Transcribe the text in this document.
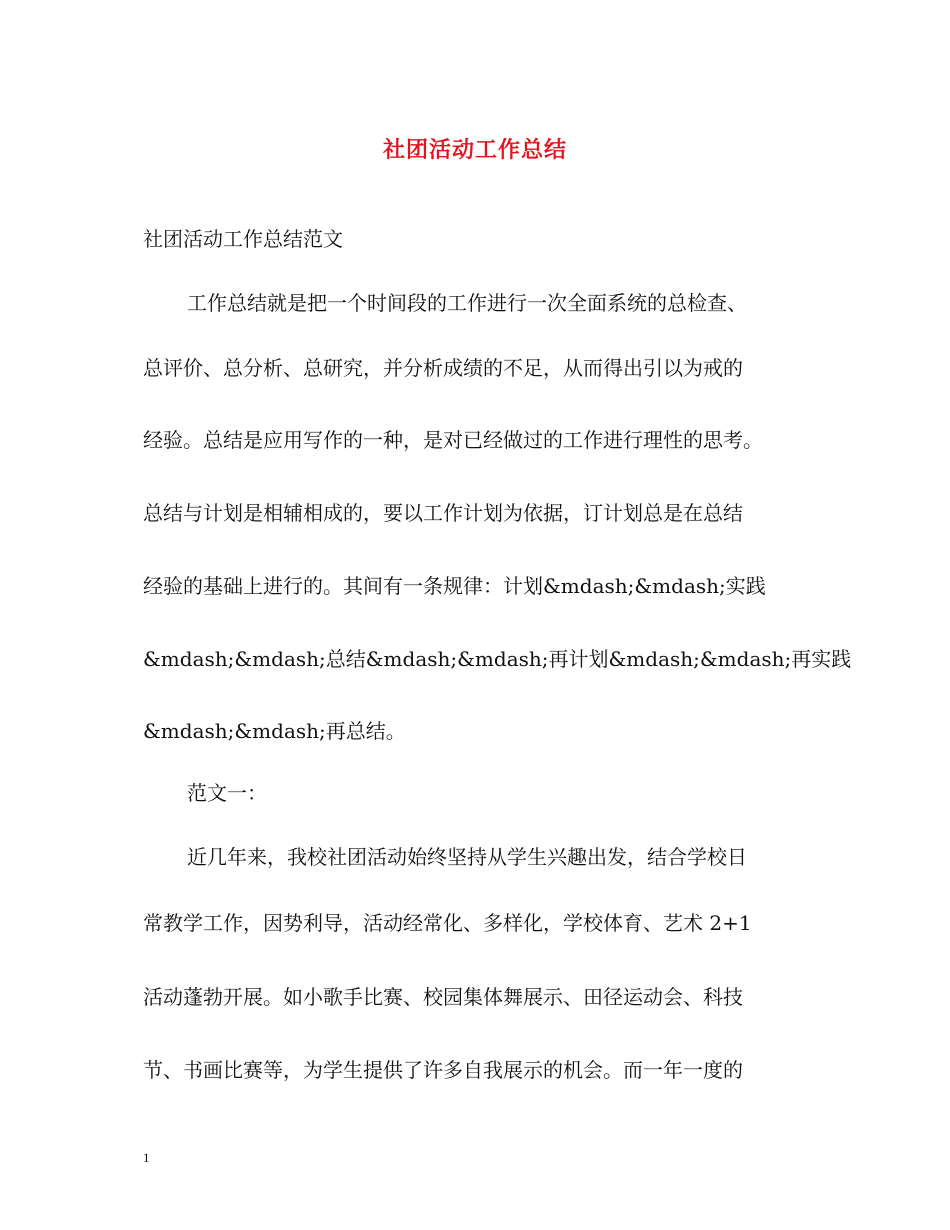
社团活动工作总结

社团活动工作总结范文

工作总结就是把一个时间段的工作进行一次全面系统的总检查、

总评价、总分析、总研究，并分析成绩的不足，从而得出引以为戒的

经验。总结是应用写作的一种，是对已经做过的工作进行理性的思考。

总结与计划是相辅相成的，要以工作计划为依据，订计划总是在总结

经验的基础上进行的。其间有一条规律：计划&mdash;&mdash;实践

&mdash;&mdash;总结&mdash;&mdash;再计划&mdash;&mdash;再实践

&mdash;&mdash;再总结。

范文一：

近几年来，我校社团活动始终坚持从学生兴趣出发，结合学校日

常教学工作，因势利导，活动经常化、多样化，学校体育、艺术 2+1

活动蓬勃开展。如小歌手比赛、校园集体舞展示、田径运动会、科技

节、书画比赛等，为学生提供了许多自我展示的机会。而一年一度的

1
